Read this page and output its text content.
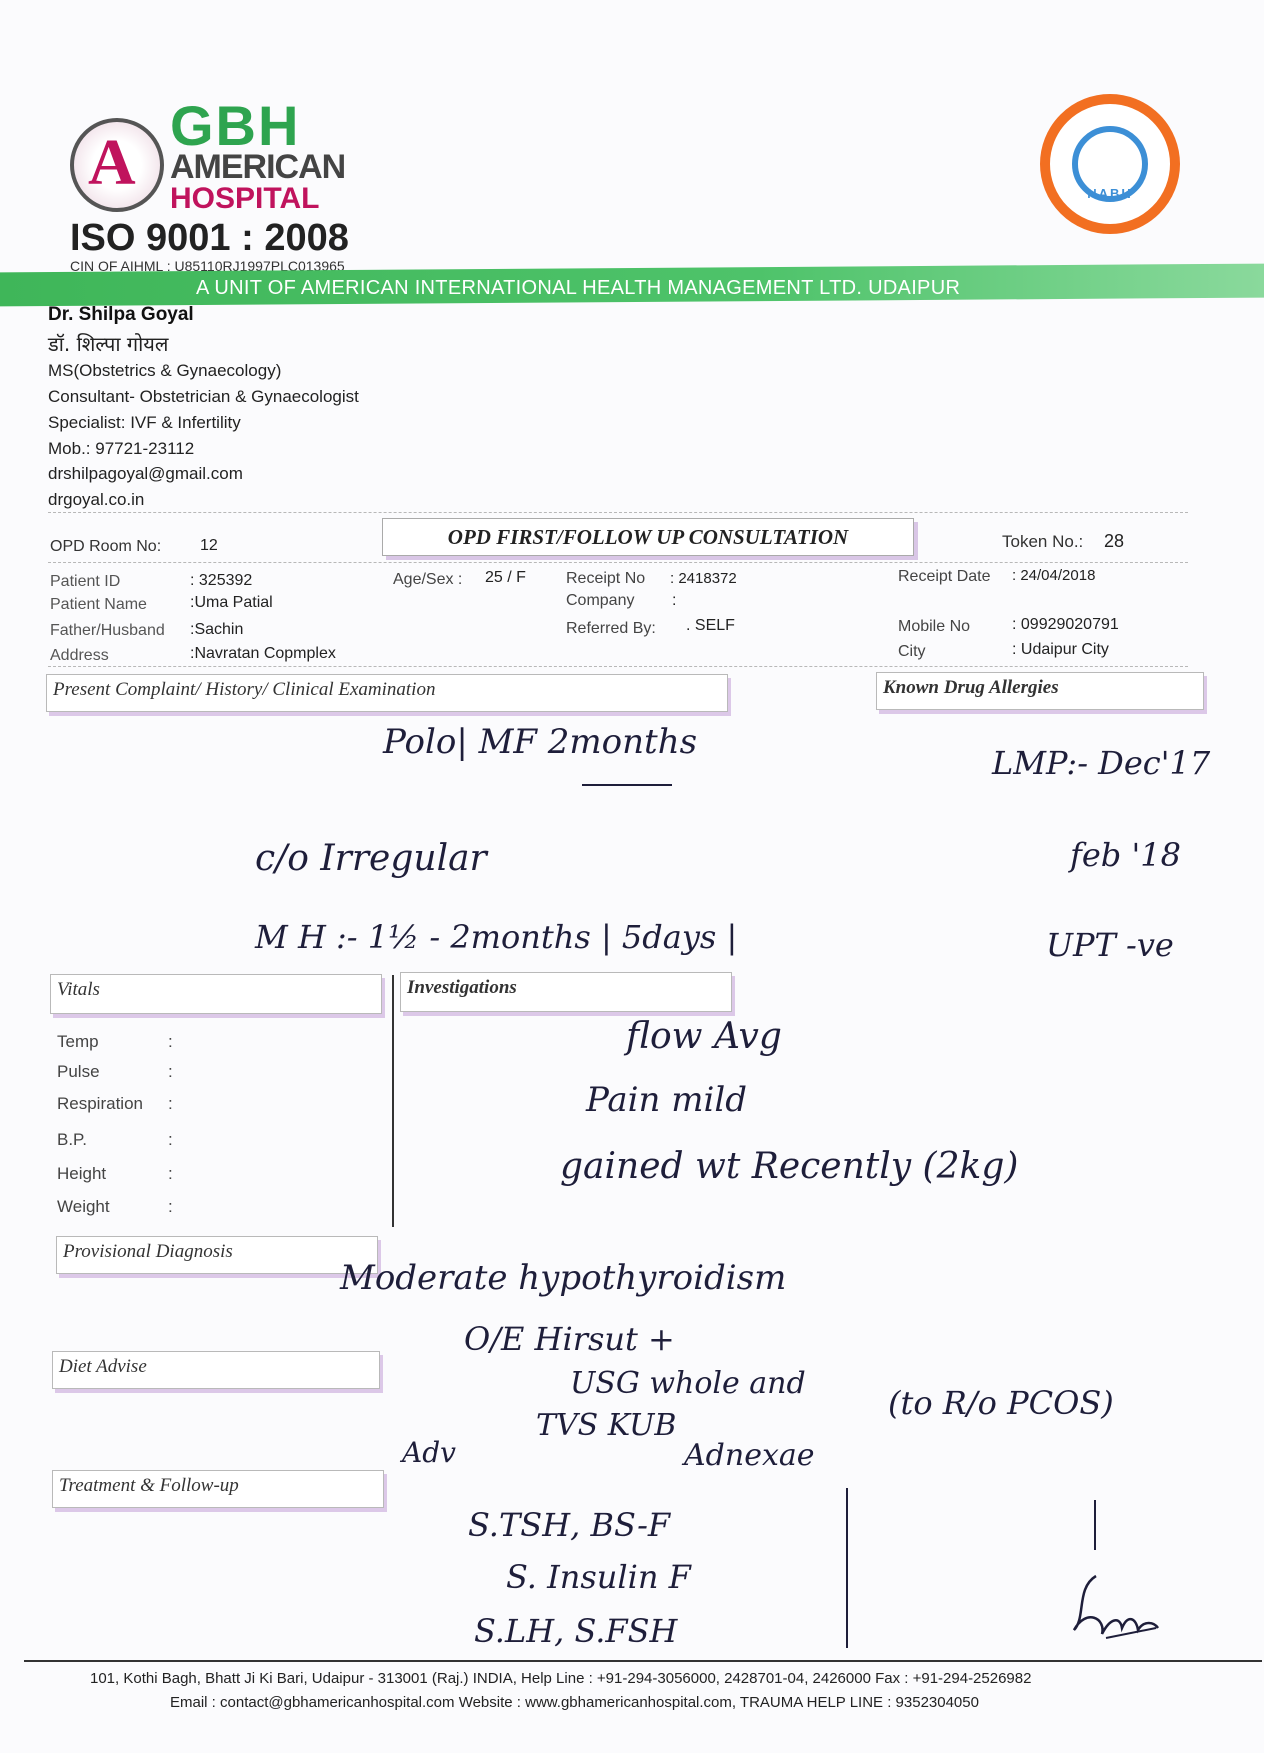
A
GBH
AMERICAN
HOSPITAL
ISO 9001 : 2008
CIN OF AIHML : U85110RJ1997PLC013965
NABH
A UNIT OF AMERICAN INTERNATIONAL HEALTH MANAGEMENT LTD. UDAIPUR
Dr. Shilpa Goyal
डॉ. शिल्पा गोयल
MS(Obstetrics & Gynaecology)
Consultant- Obstetrician & Gynaecologist
Specialist: IVF & Infertility
Mob.: 97721-23112
drshilpagoyal@gmail.com
drgoyal.co.in
OPD Room No: 12	OPD FIRST/FOLLOW UP CONSULTATION	Token No.: 28
Patient ID	: 325392
Patient Name	:Uma Patial
Father/Husband :Sachin
Address	:Navratan Copmplex
Age/Sex : 25 / F	Receipt No : 2418372
Company :
Referred By: . SELF
Receipt Date : 24/04/2018
Mobile No	: 09929020791
City	: Udaipur City
Present Complaint/ History/ Clinical Examination	Known Drug Allergies
Vitals	Investigations
Temp	:
Pulse	:
Respiration :
B.P.	:
Height	:
Weight	:
Provisional Diagnosis
Diet Advise
Treatment & Follow-up
Polo| MF 2months
c/o Irregular
M H :- 1½ - 2months | 5days |
LMP:- Dec'17
feb '18
UPT -ve
flow Avg
Pain mild
gained wt Recently (2kg)
Moderate hypothyroidism
O/E Hirsut +
USG whole and
TVS KUB
Adnexae
(to R/o PCOS)
Adv
S.TSH, BS-F
S. Insulin F
S.LH, S.FSH
101, Kothi Bagh, Bhatt Ji Ki Bari, Udaipur - 313001 (Raj.) INDIA, Help Line : +91-294-3056000, 2428701-04, 2426000 Fax : +91-294-2526982
Email : contact@gbhamericanhospital.com Website : www.gbhamericanhospital.com, TRAUMA HELP LINE : 9352304050
